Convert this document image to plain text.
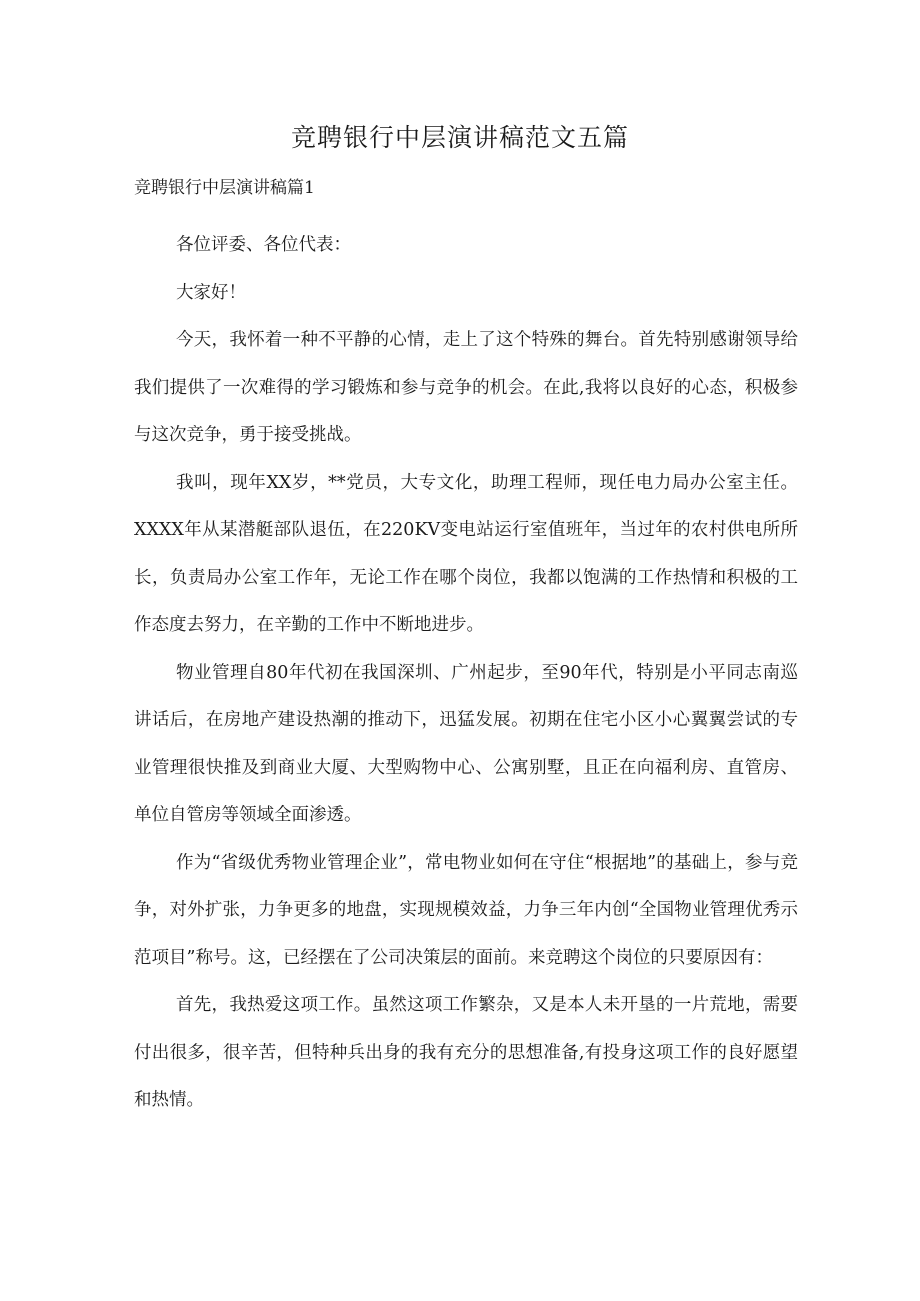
竞聘银行中层演讲稿范文五篇
竞聘银行中层演讲稿篇1

各位评委、各位代表：

大家好！

今天，我怀着一种不平静的心情，走上了这个特殊的舞台。首先特别感谢领导给我们提供了一次难得的学习锻炼和参与竞争的机会。在此,我将以良好的心态，积极参与这次竞争，勇于接受挑战。

我叫，现年XX岁，**党员，大专文化，助理工程师，现任电力局办公室主任。XXXX年从某潜艇部队退伍，在220KV变电站运行室值班年，当过年的农村供电所所长，负责局办公室工作年，无论工作在哪个岗位，我都以饱满的工作热情和积极的工作态度去努力，在辛勤的工作中不断地进步。

物业管理自80年代初在我国深圳、广州起步，至90年代，特别是小平同志南巡讲话后，在房地产建设热潮的推动下，迅猛发展。初期在住宅小区小心翼翼尝试的专业管理很快推及到商业大厦、大型购物中心、公寓别墅，且正在向福利房、直管房、单位自管房等领域全面渗透。

作为“省级优秀物业管理企业”，常电物业如何在守住“根据地”的基础上，参与竞争，对外扩张，力争更多的地盘，实现规模效益，力争三年内创“全国物业管理优秀示范项目”称号。这，已经摆在了公司决策层的面前。来竞聘这个岗位的只要原因有：

首先，我热爱这项工作。虽然这项工作繁杂，又是本人未开垦的一片荒地，需要付出很多，很辛苦，但特种兵出身的我有充分的思想准备,有投身这项工作的良好愿望和热情。
